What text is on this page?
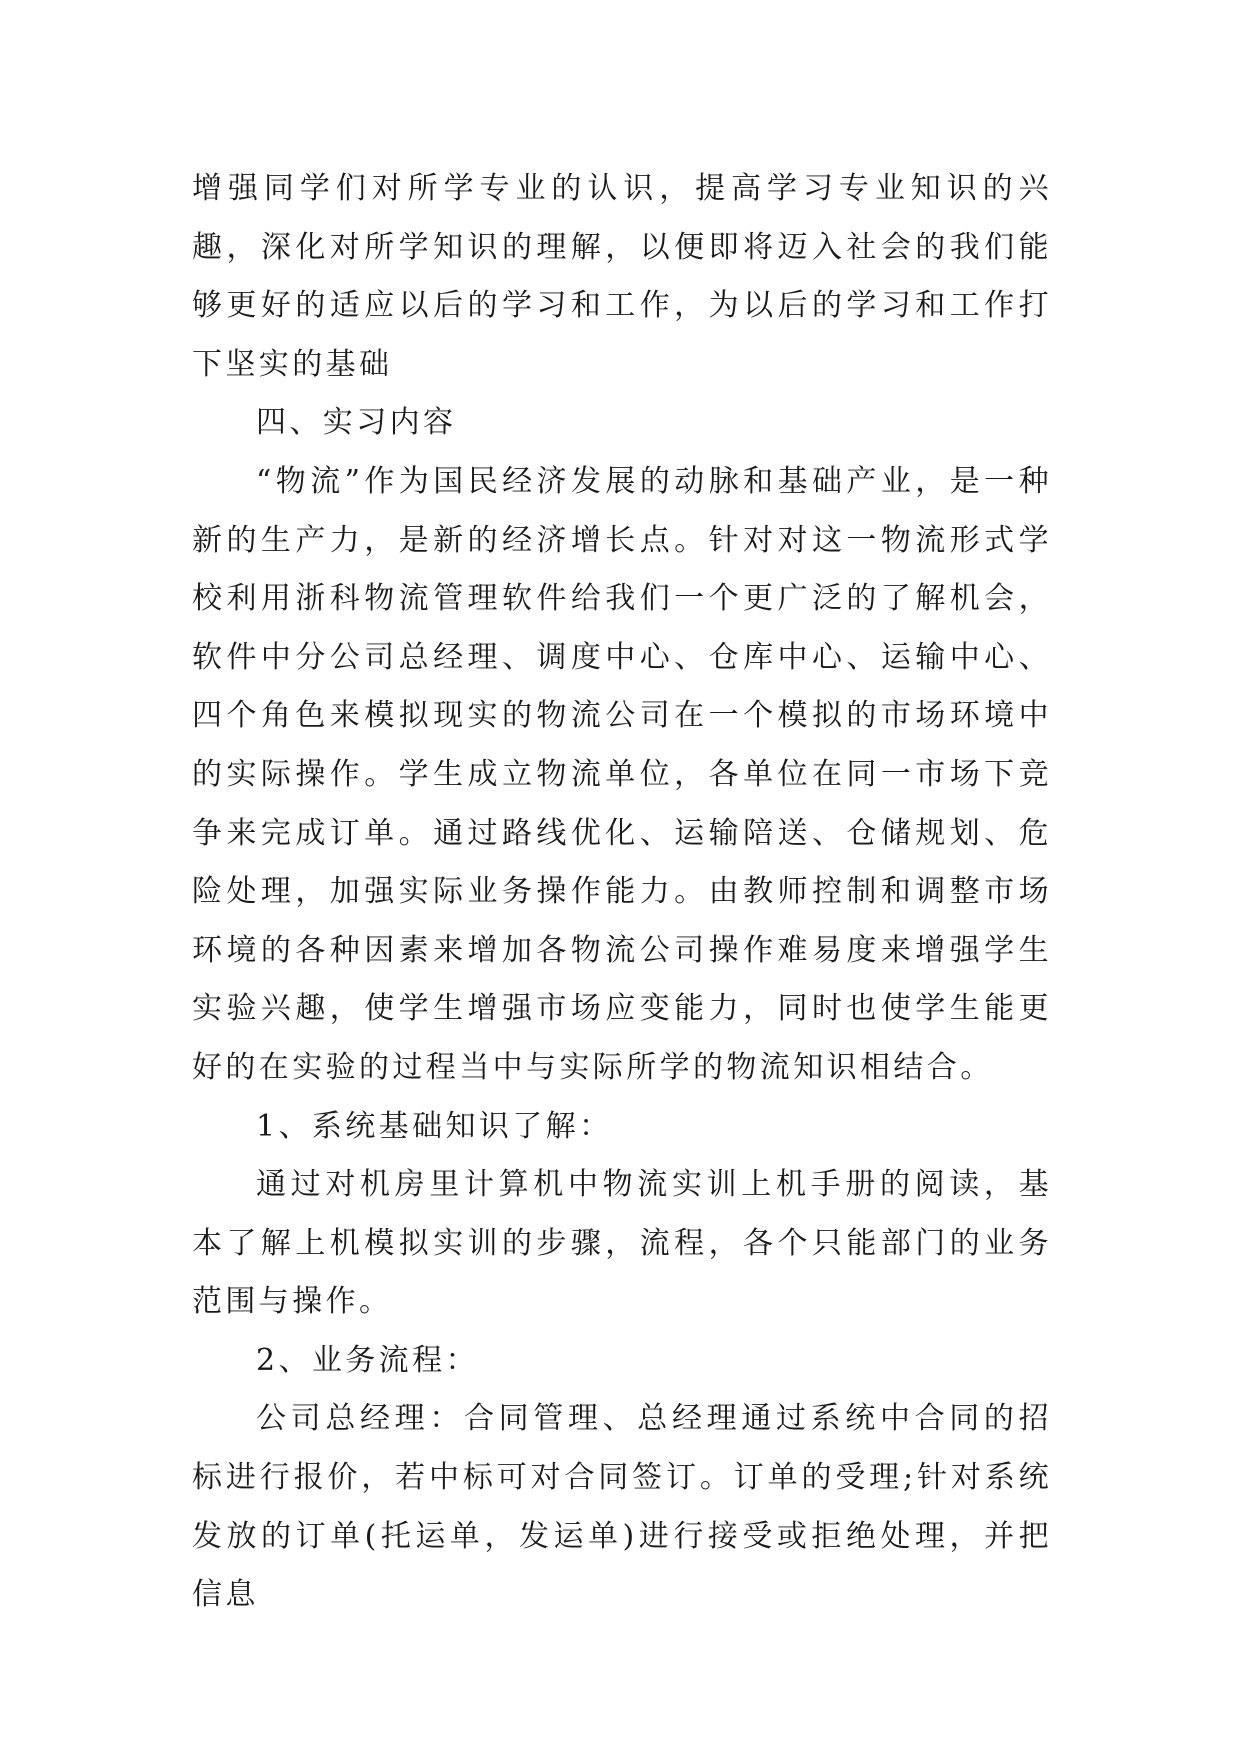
增强同学们对所学专业的认识，提高学习专业知识的兴趣，深化对所学知识的理解，以便即将迈入社会的我们能够更好的适应以后的学习和工作，为以后的学习和工作打下坚实的基础

四、实习内容

“物流”作为国民经济发展的动脉和基础产业，是一种新的生产力，是新的经济增长点。针对对这一物流形式学校利用浙科物流管理软件给我们一个更广泛的了解机会，软件中分公司总经理、调度中心、仓库中心、运输中心、四个角色来模拟现实的物流公司在一个模拟的市场环境中的实际操作。学生成立物流单位，各单位在同一市场下竞争来完成订单。通过路线优化、运输陪送、仓储规划、危险处理，加强实际业务操作能力。由教师控制和调整市场环境的各种因素来增加各物流公司操作难易度来增强学生实验兴趣，使学生增强市场应变能力，同时也使学生能更好的在实验的过程当中与实际所学的物流知识相结合。

1、系统基础知识了解：

通过对机房里计算机中物流实训上机手册的阅读，基本了解上机模拟实训的步骤，流程，各个只能部门的业务范围与操作。

2、业务流程：

公司总经理：合同管理、总经理通过系统中合同的招标进行报价，若中标可对合同签订。订单的受理;针对系统发放的订单(托运单，发运单)进行接受或拒绝处理，并把信息
